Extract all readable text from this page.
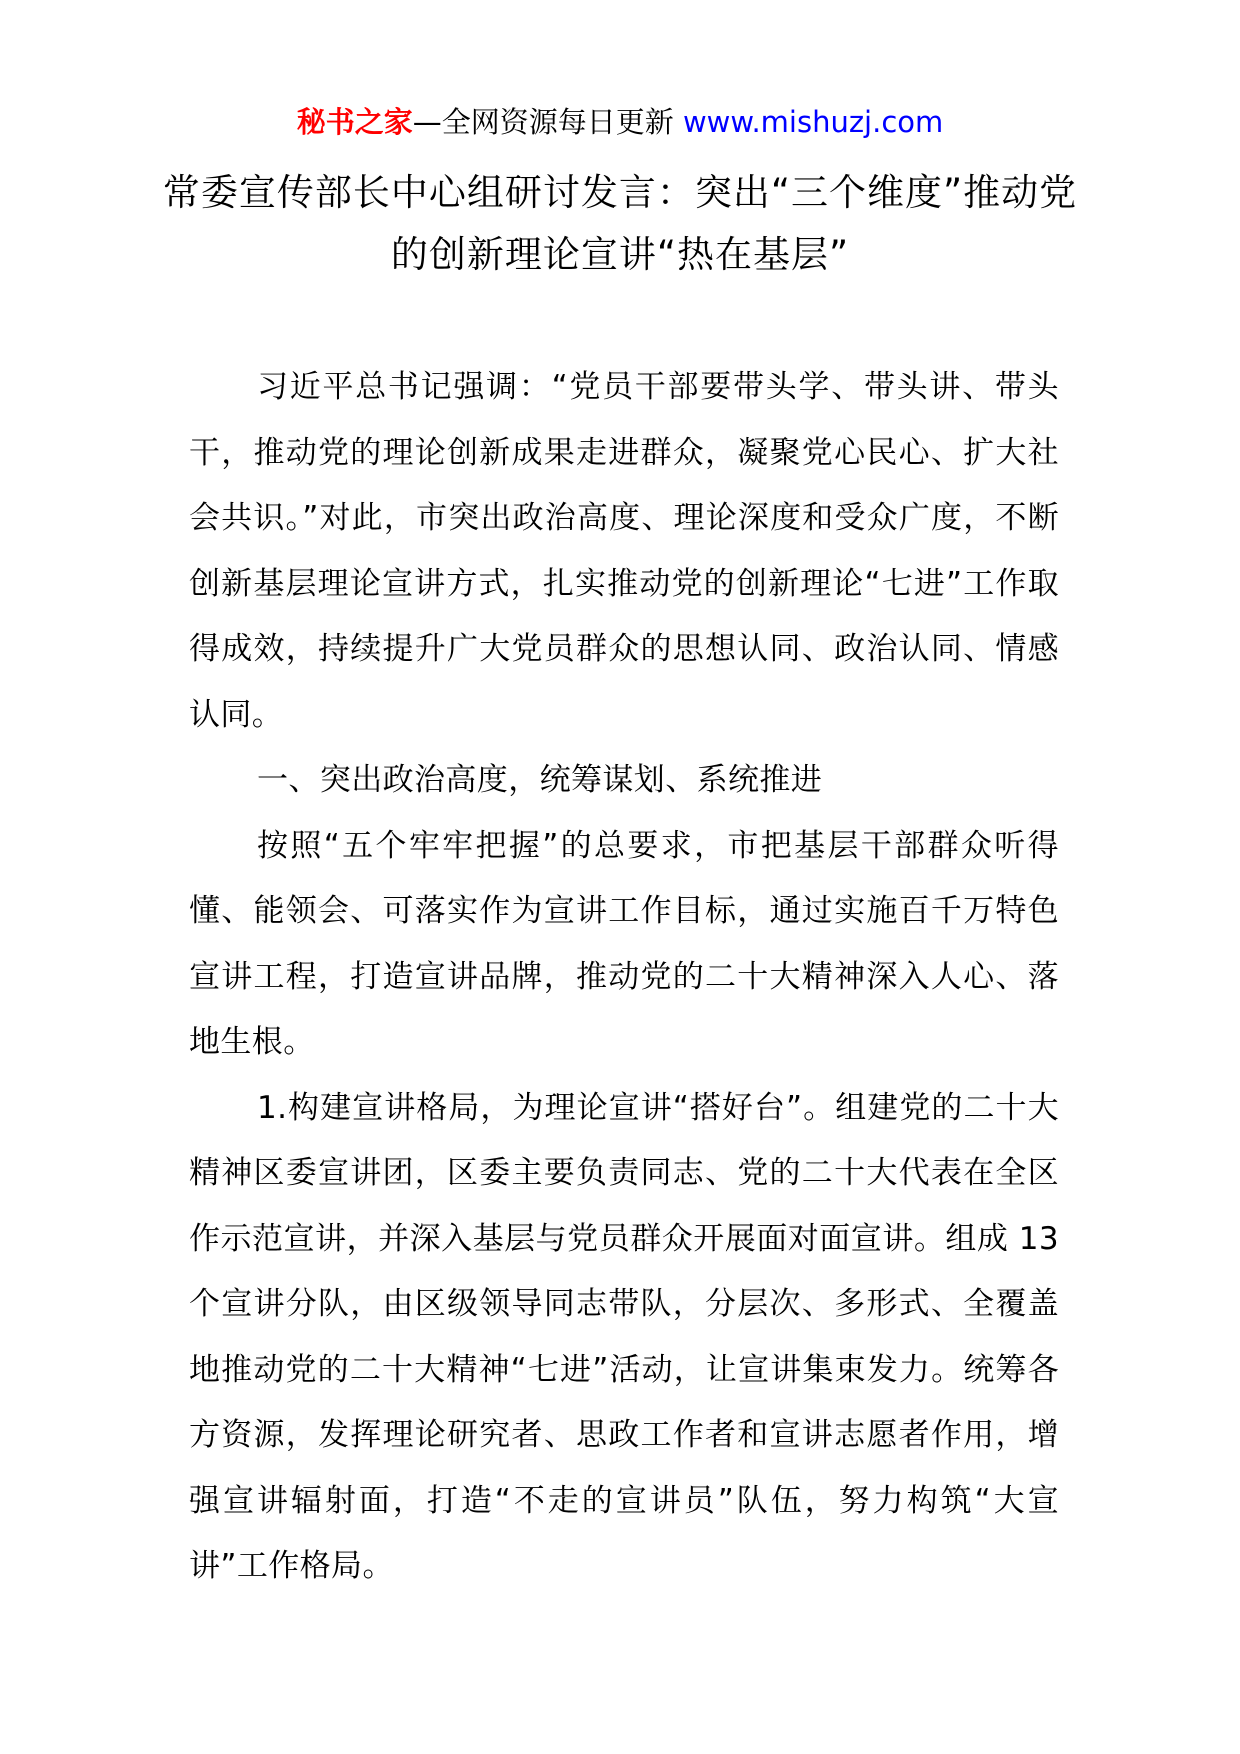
秘书之家—全网资源每日更新 www.mishuzj.com
常委宣传部长中心组研讨发言：突出“三个维度”推动党的创新理论宣讲“热在基层”

习近平总书记强调：“党员干部要带头学、带头讲、带头干，推动党的理论创新成果走进群众，凝聚党心民心、扩大社会共识。”对此，市突出政治高度、理论深度和受众广度，不断创新基层理论宣讲方式，扎实推动党的创新理论“七进”工作取得成效，持续提升广大党员群众的思想认同、政治认同、情感认同。

一、突出政治高度，统筹谋划、系统推进

按照“五个牢牢把握”的总要求，市把基层干部群众听得懂、能领会、可落实作为宣讲工作目标，通过实施百千万特色宣讲工程，打造宣讲品牌，推动党的二十大精神深入人心、落地生根。

1.构建宣讲格局，为理论宣讲“搭好台”。组建党的二十大精神区委宣讲团，区委主要负责同志、党的二十大代表在全区作示范宣讲，并深入基层与党员群众开展面对面宣讲。组成 13 个宣讲分队，由区级领导同志带队，分层次、多形式、全覆盖地推动党的二十大精神“七进”活动，让宣讲集束发力。统筹各方资源，发挥理论研究者、思政工作者和宣讲志愿者作用，增强宣讲辐射面，打造“不走的宣讲员”队伍，努力构筑“大宣讲”工作格局。
